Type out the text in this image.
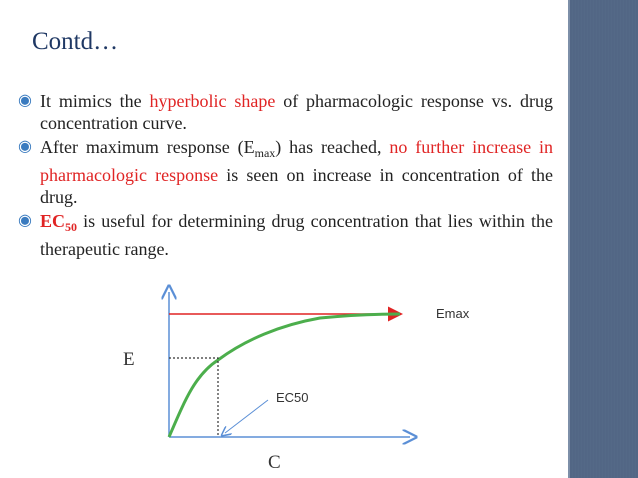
Contd…
◉ It mimics the hyperbolic shape of pharmacologic response vs. drug concentration curve.
◉ After maximum response $(E_{max})$ has reached, no further increase in pharmacologic response is seen on increase in concentration of the drug.
◉ $EC_{50}$ is useful for determining drug concentration that lies within the therapeutic range.
E
C
Emax
EC50
